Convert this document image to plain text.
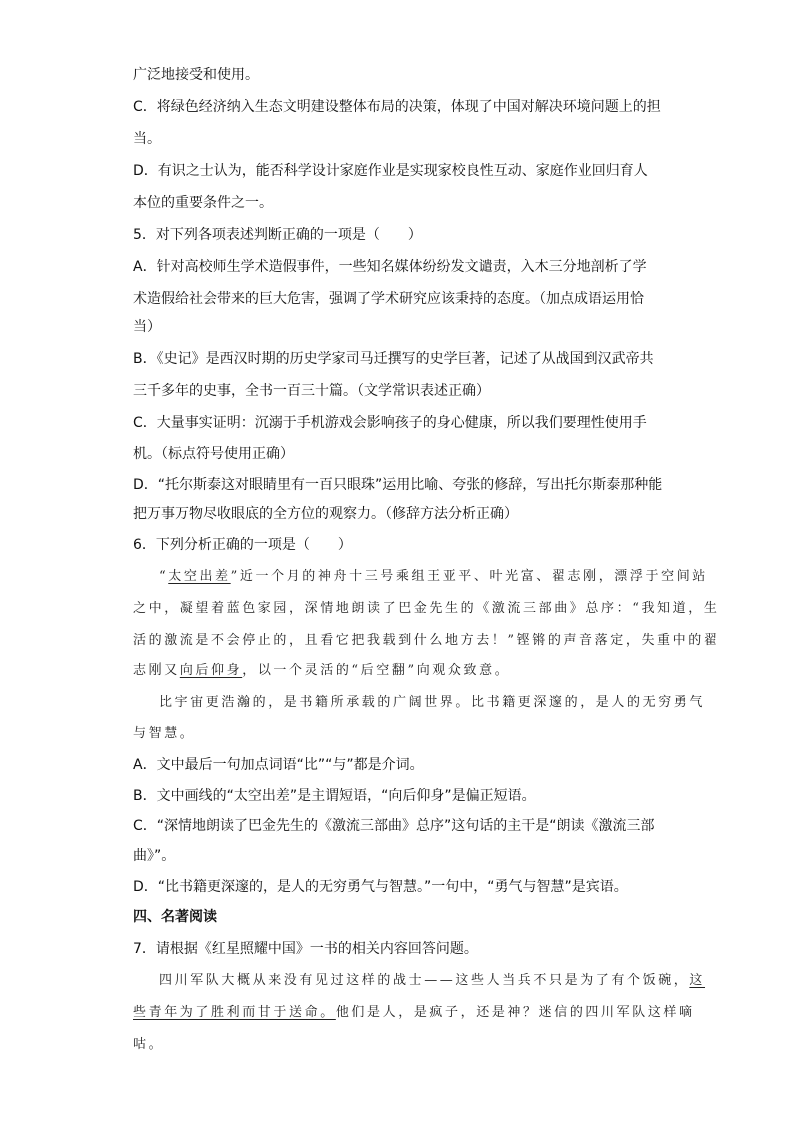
广泛地接受和使用。
C．将绿色经济纳入生态文明建设整体布局的决策，体现了中国对解决环境问题上的担
当。
D．有识之士认为，能否科学设计家庭作业是实现家校良性互动、家庭作业回归育人
本位的重要条件之一。
5．对下列各项表述判断正确的一项是（　　）
A．针对高校师生学术造假事件，一些知名媒体纷纷发文谴责，入木三分地剖析了学
术造假给社会带来的巨大危害，强调了学术研究应该秉持的态度。（加点成语运用恰
当）
B．《史记》是西汉时期的历史学家司马迁撰写的史学巨著，记述了从战国到汉武帝共
三千多年的史事，全书一百三十篇。（文学常识表述正确）
C．大量事实证明：沉溺于手机游戏会影响孩子的身心健康，所以我们要理性使用手
机。（标点符号使用正确）
D．“托尔斯泰这对眼睛里有一百只眼珠”运用比喻、夸张的修辞，写出托尔斯泰那种能
把万事万物尽收眼底的全方位的观察力。（修辞方法分析正确）
6．下列分析正确的一项是（　　）
“太空出差”近一个月的神舟十三号乘组王亚平、叶光富、翟志刚，漂浮于空间站
之中，凝望着蓝色家园，深情地朗读了巴金先生的《激流三部曲》总序：“我知道，生
活的激流是不会停止的，且看它把我载到什么地方去！”铿锵的声音落定，失重中的翟
志刚又向后仰身，以一个灵活的“后空翻”向观众致意。
比宇宙更浩瀚的，是书籍所承载的广阔世界。比书籍更深邃的，是人的无穷勇气
与智慧。
A．文中最后一句加点词语“比”“与”都是介词。
B．文中画线的“太空出差”是主谓短语，“向后仰身”是偏正短语。
C．“深情地朗读了巴金先生的《激流三部曲》总序”这句话的主干是“朗读《激流三部
曲》”。
D．“比书籍更深邃的，是人的无穷勇气与智慧。”一句中，“勇气与智慧”是宾语。
四、名著阅读
7．请根据《红星照耀中国》一书的相关内容回答问题。
四川军队大概从来没有见过这样的战士——这些人当兵不只是为了有个饭碗，这
些青年为了胜利而甘于送命。他们是人，是疯子，还是神？迷信的四川军队这样嘀
咕。
